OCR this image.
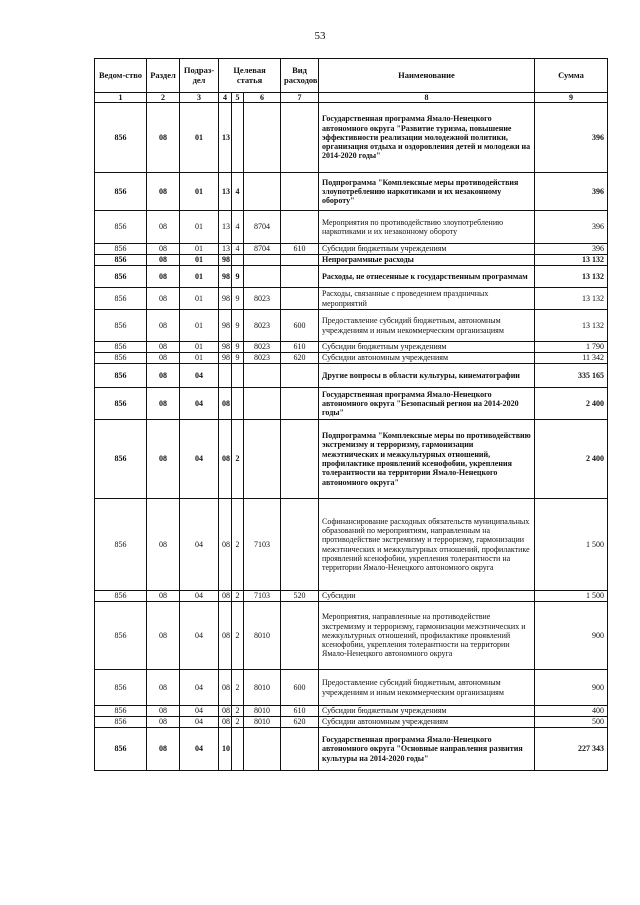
53
Ведом-ство	Раздел	Подраз-дел	Целевая статья			Вид расходов	Наименование	Сумма
1	2	3	4	5	6	7	8	9
856	08	01	13				Государственная программа Ямало-Ненецкого автономного округа "Развитие туризма, повышение эффективности реализации молодежной политики, организация отдыха и оздоровления детей и молодежи на 2014-2020 годы"	396
856	08	01	13	4			Подпрограмма "Комплексные меры противодействия злоупотреблению наркотиками и их незаконному обороту"	396
856	08	01	13	4	8704		Мероприятия по противодействию злоупотреблению наркотиками и их незаконному обороту	396
856	08	01	13	4	8704	610	Субсидии бюджетным учреждениям	396
856	08	01	98				Непрограммные расходы	13 132
856	08	01	98	9			Расходы, не отнесенные к государственным программам	13 132
856	08	01	98	9	8023		Расходы, связанные с проведением праздничных мероприятий	13 132
856	08	01	98	9	8023	600	Предоставление субсидий бюджетным, автономным учреждениям и иным некоммерческим организациям	13 132
856	08	01	98	9	8023	610	Субсидии бюджетным учреждениям	1 790
856	08	01	98	9	8023	620	Субсидии автономным учреждениям	11 342
856	08	04					Другие вопросы в области культуры, кинематографии	335 165
856	08	04	08				Государственная программа Ямало-Ненецкого автономного округа "Безопасный регион на 2014-2020 годы"	2 400
856	08	04	08	2			Подпрограмма "Комплексные меры по противодействию экстремизму и терроризму, гармонизации межэтнических и межкультурных отношений, профилактике проявлений ксенофобии, укрепления толерантности на территории Ямало-Ненецкого автономного округа"	2 400
856	08	04	08	2	7103		Софинансирование расходных обязательств муниципальных образований по мероприятиям, направленным на противодействие экстремизму и терроризму, гармонизации межэтнических и межкультурных отношений, профилактике проявлений ксенофобии, укрепления толерантности на территории Ямало-Ненецкого автономного округа	1 500
856	08	04	08	2	7103	520	Субсидии	1 500
856	08	04	08	2	8010		Мероприятия, направленные на противодействие экстремизму и терроризму, гармонизации межэтнических и межкультурных отношений, профилактике проявлений ксенофобии, укрепления толерантности на территории Ямало-Ненецкого автономного округа	900
856	08	04	08	2	8010	600	Предоставление субсидий бюджетным, автономным учреждениям и иным некоммерческим организациям	900
856	08	04	08	2	8010	610	Субсидии бюджетным учреждениям	400
856	08	04	08	2	8010	620	Субсидии автономным учреждениям	500
856	08	04	10				Государственная программа Ямало-Ненецкого автономного округа "Основные направления развития культуры на 2014-2020 годы"	227 343
